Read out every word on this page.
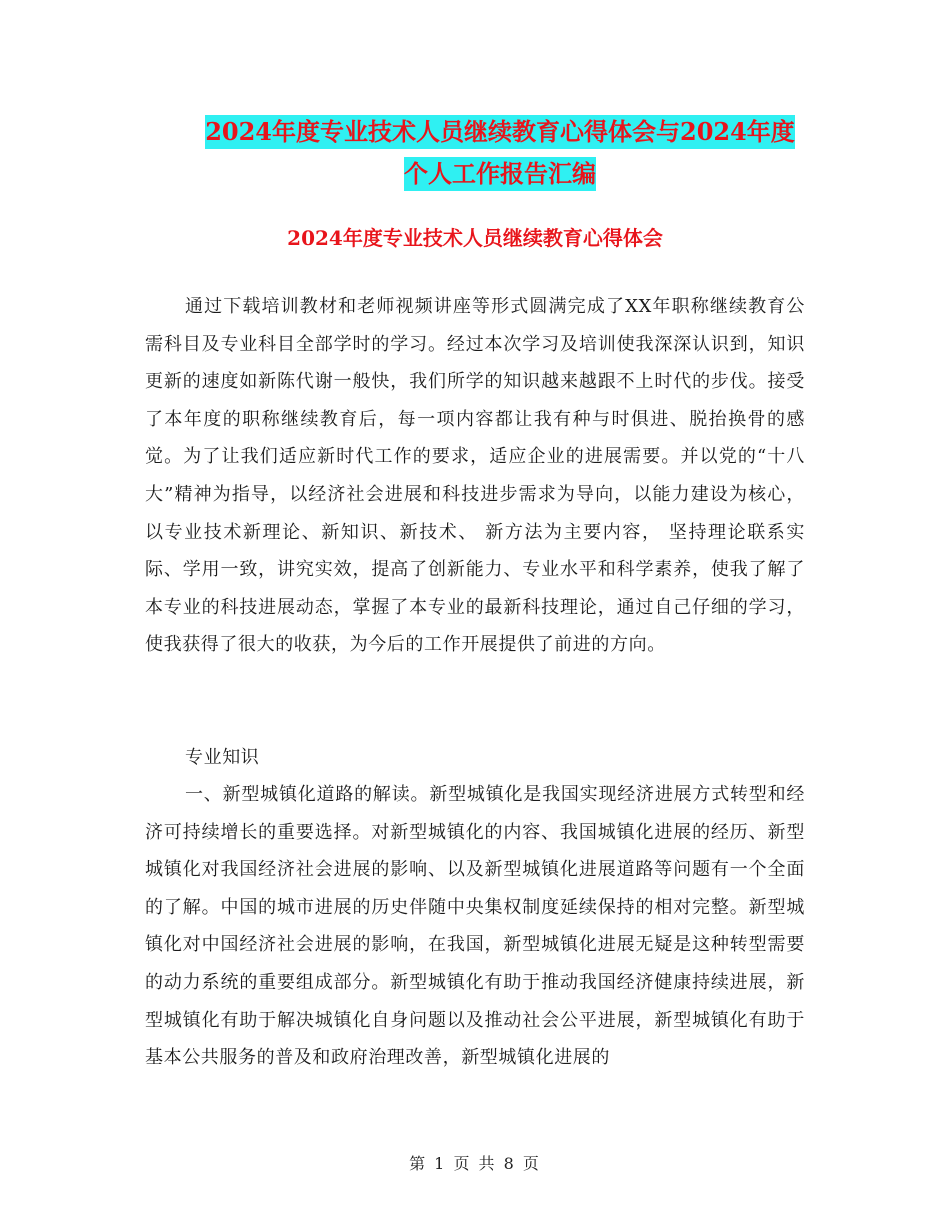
2024年度专业技术人员继续教育心得体会与2024年度
个人工作报告汇编
2024年度专业技术人员继续教育心得体会
通过下载培训教材和老师视频讲座等形式圆满完成了XX年职称继续教育公需科目及专业科目全部学时的学习。经过本次学习及培训使我深深认识到，知识更新的速度如新陈代谢一般快，我们所学的知识越来越跟不上时代的步伐。接受了本年度的职称继续教育后，每一项内容都让我有种与时俱进、脱抬换骨的感觉。为了让我们适应新时代工作的要求，适应企业的进展需要。并以党的“十八大”精神为指导，以经济社会进展和科技进步需求为导向，以能力建设为核心，以专业技术新理论、新知识、新技术、 新方法为主要内容， 坚持理论联系实际、学用一致，讲究实效，提高了创新能力、专业水平和科学素养，使我了解了本专业的科技进展动态，掌握了本专业的最新科技理论，通过自己仔细的学习，使我获得了很大的收获，为今后的工作开展提供了前进的方向。
专业知识
一、新型城镇化道路的解读。新型城镇化是我国实现经济进展方式转型和经济可持续增长的重要选择。对新型城镇化的内容、我国城镇化进展的经历、新型城镇化对我国经济社会进展的影响、以及新型城镇化进展道路等问题有一个全面的了解。中国的城市进展的历史伴随中央集权制度延续保持的相对完整。新型城镇化对中国经济社会进展的影响，在我国，新型城镇化进展无疑是这种转型需要的动力系统的重要组成部分。新型城镇化有助于推动我国经济健康持续进展，新型城镇化有助于解决城镇化自身问题以及推动社会公平进展，新型城镇化有助于基本公共服务的普及和政府治理改善，新型城镇化进展的
第 1 页 共 8 页
